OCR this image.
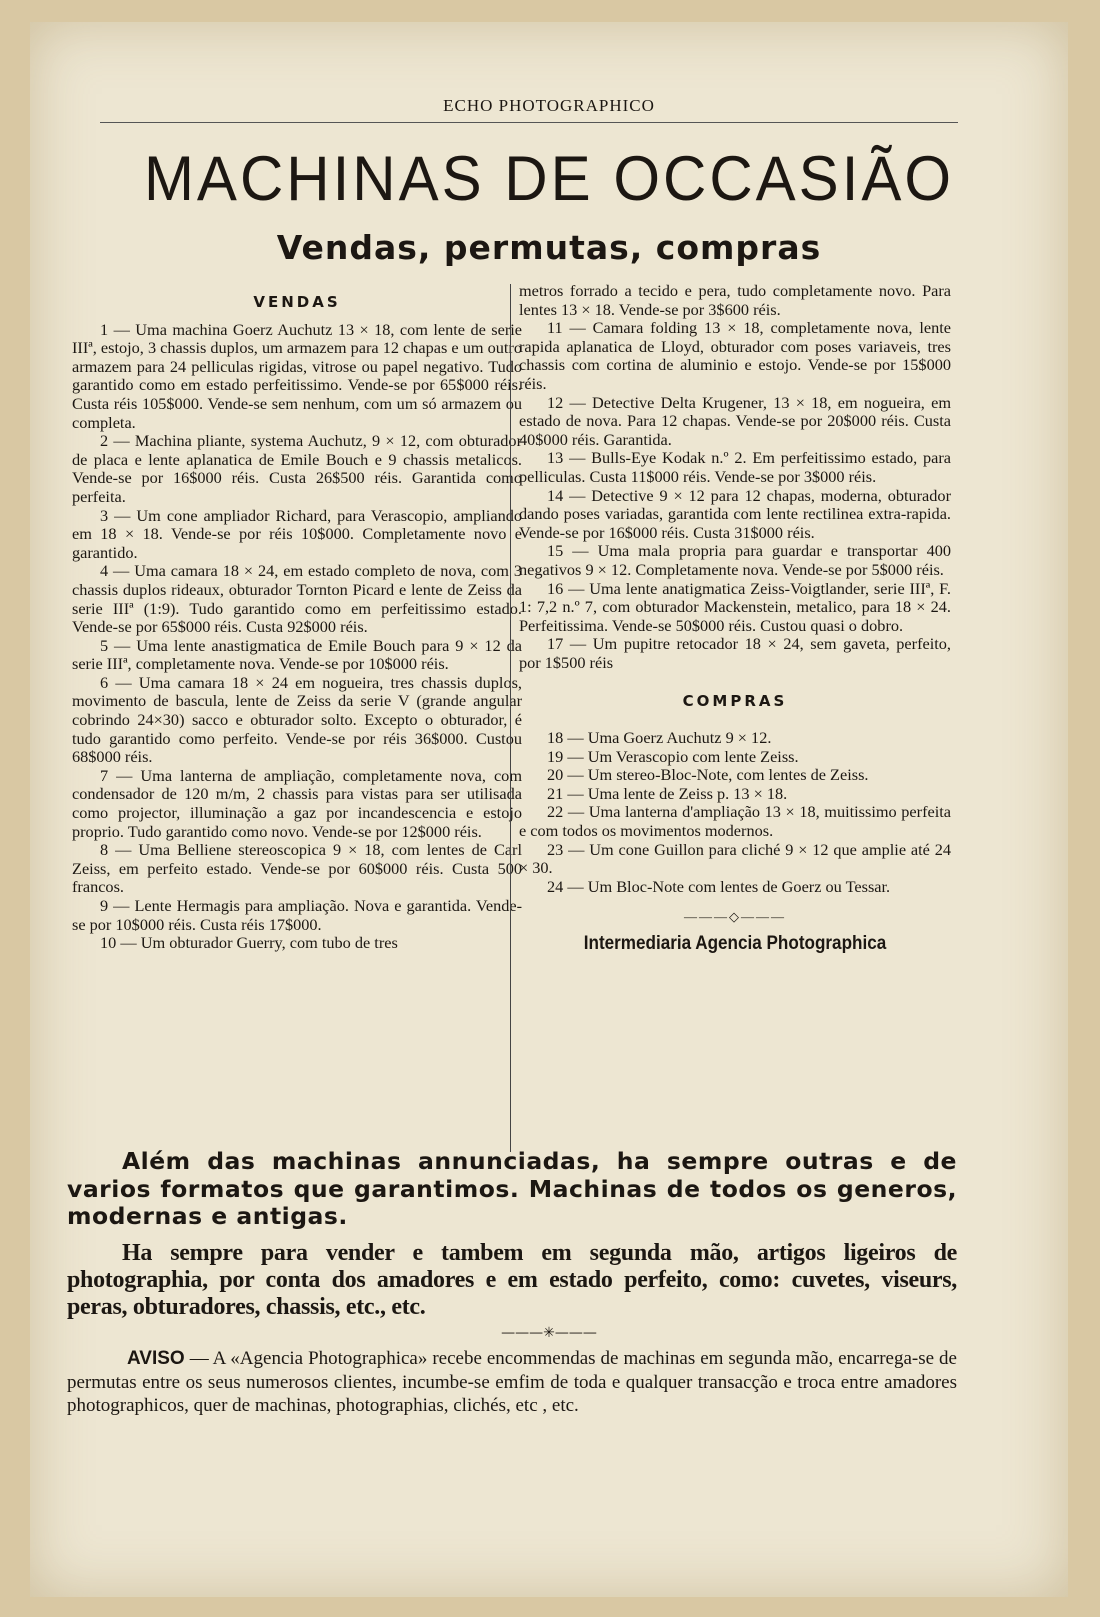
ECHO PHOTOGRAPHICO
MACHINAS DE OCCASIÃO
Vendas, permutas, compras
VENDAS

1 — Uma machina Goerz Auchutz 13 × 18, com lente de serie IIIª, estojo, 3 chassis duplos, um armazem para 12 chapas e um outro armazem para 24 pelliculas rigidas, vitrose ou papel negativo. Tudo garantido como em estado perfeitissimo. Vende-se por 65$000 réis. Custa réis 105$000. Vende-se sem nenhum, com um só armazem ou completa.

2 — Machina pliante, systema Auchutz, 9 × 12, com obturador de placa e lente aplanatica de Emile Bouch e 9 chassis metalicos. Vende-se por 16$000 réis. Custa 26$500 réis. Garantida como perfeita.

3 — Um cone ampliador Richard, para Verascopio, ampliando em 18 × 18. Vende-se por réis 10$000. Completamente novo e garantido.

4 — Uma camara 18 × 24, em estado completo de nova, com 3 chassis duplos rideaux, obturador Tornton Picard e lente de Zeiss da serie IIIª (1:9). Tudo garantido como em perfeitissimo estado. Vende-se por 65$000 réis. Custa 92$000 réis.

5 — Uma lente anastigmatica de Emile Bouch para 9 × 12 da serie IIIª, completamente nova. Vende-se por 10$000 réis.

6 — Uma camara 18 × 24 em nogueira, tres chassis duplos, movimento de bascula, lente de Zeiss da serie V (grande angular cobrindo 24×30) sacco e obturador solto. Excepto o obturador, é tudo garantido como perfeito. Vende-se por réis 36$000. Custou 68$000 réis.

7 — Uma lanterna de ampliação, completamente nova, com condensador de 120 m/m, 2 chassis para vistas para ser utilisada como projector, illuminação a gaz por incandescencia e estojo proprio. Tudo garantido como novo. Vende-se por 12$000 réis.

8 — Uma Belliene stereoscopica 9 × 18, com lentes de Carl Zeiss, em perfeito estado. Vende-se por 60$000 réis. Custa 500 francos.

9 — Lente Hermagis para ampliação. Nova e garantida. Vende-se por 10$000 réis. Custa réis 17$000.

10 — Um obturador Guerry, com tubo de tres

metros forrado a tecido e pera, tudo completamente novo. Para lentes 13 × 18. Vende-se por 3$600 réis.

11 — Camara folding 13 × 18, completamente nova, lente rapida aplanatica de Lloyd, obturador com poses variaveis, tres chassis com cortina de aluminio e estojo. Vende-se por 15$000 réis.

12 — Detective Delta Krugener, 13 × 18, em nogueira, em estado de nova. Para 12 chapas. Vende-se por 20$000 réis. Custa 40$000 réis. Garantida.

13 — Bulls-Eye Kodak n.º 2. Em perfeitissimo estado, para pelliculas. Custa 11$000 réis. Vende-se por 3$000 réis.

14 — Detective 9 × 12 para 12 chapas, moderna, obturador dando poses variadas, garantida com lente rectilinea extra-rapida. Vende-se por 16$000 réis. Custa 31$000 réis.

15 — Uma mala propria para guardar e transportar 400 negativos 9 × 12. Completamente nova. Vende-se por 5$000 réis.

16 — Uma lente anatigmatica Zeiss-Voigtlander, serie IIIª, F. 1: 7,2 n.º 7, com obturador Mackenstein, metalico, para 18 × 24. Perfeitissima. Vende-se 50$000 réis. Custou quasi o dobro.

17 — Um pupitre retocador 18 × 24, sem gaveta, perfeito, por 1$500 réis

COMPRAS

18 — Uma Goerz Auchutz 9 × 12.

19 — Um Verascopio com lente Zeiss.

20 — Um stereo-Bloc-Note, com lentes de Zeiss.

21 — Uma lente de Zeiss p. 13 × 18.

22 — Uma lanterna d'ampliação 13 × 18, muitissimo perfeita e com todos os movimentos modernos.

23 — Um cone Guillon para cliché 9 × 12 que amplie até 24 × 30.

24 — Um Bloc-Note com lentes de Goerz ou Tessar.

———◇———
Intermediaria Agencia Photographica
Além das machinas annunciadas, ha sempre outras e de varios formatos que garantimos. Machinas de todos os generos, modernas e antigas.
Ha sempre para vender e tambem em segunda mão, artigos ligeiros de photographia, por conta dos amadores e em estado perfeito, como: cuvetes, viseurs, peras, obturadores, chassis, etc., etc.
———✳———
AVISO — A «Agencia Photographica» recebe encommendas de machinas em segunda mão, encarrega-se de permutas entre os seus numerosos clientes, incumbe-se emfim de toda e qualquer transacção e troca entre amadores photographicos, quer de machinas, photographias, clichés, etc , etc.
